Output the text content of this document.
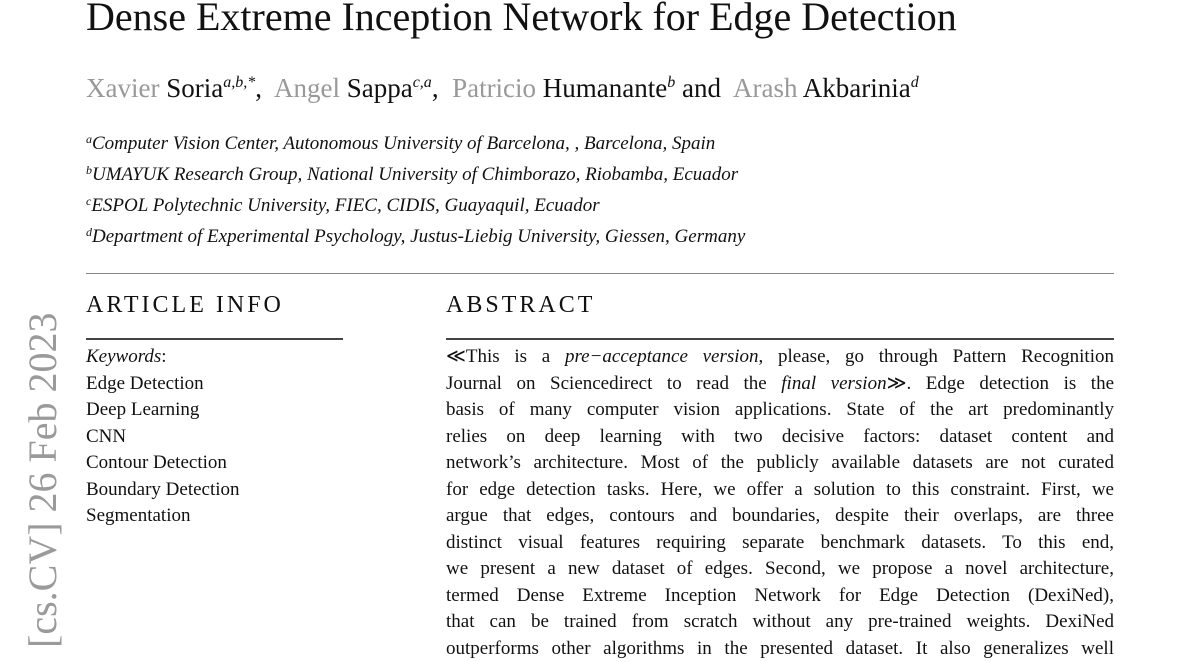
Dense Extreme Inception Network for Edge Detection
Xavier Soria$^{a,b,*}$, Angel Sappa$^{c,a}$, Patricio Humanante$^b$ and Arash Akbarinia$^d$
$^a$Computer Vision Center, Autonomous University of Barcelona, , Barcelona, Spain
$^b$UMAYUK Research Group, National University of Chimborazo, Riobamba, Ecuador
$^c$ESPOL Polytechnic University, FIEC, CIDIS, Guayaquil, Ecuador
$^d$Department of Experimental Psychology, Justus-Liebig University, Giessen, Germany
ARTICLE INFO	ABSTRACT
Keywords:
Edge Detection
Deep Learning
CNN
Contour Detection
Boundary Detection
Segmentation
≪This is a pre−acceptance version, please, go through Pattern Recognition
Journal on Sciencedirect to read the final version≫. Edge detection is the
basis of many computer vision applications. State of the art predominantly
relies on deep learning with two decisive factors: dataset content and
network’s architecture. Most of the publicly available datasets are not curated
for edge detection tasks. Here, we offer a solution to this constraint. First, we
argue that edges, contours and boundaries, despite their overlaps, are three
distinct visual features requiring separate benchmark datasets. To this end,
we present a new dataset of edges. Second, we propose a novel architecture,
termed Dense Extreme Inception Network for Edge Detection (DexiNed),
that can be trained from scratch without any pre-trained weights. DexiNed
outperforms other algorithms in the presented dataset. It also generalizes well
[cs.CV] 26 Feb 2023
